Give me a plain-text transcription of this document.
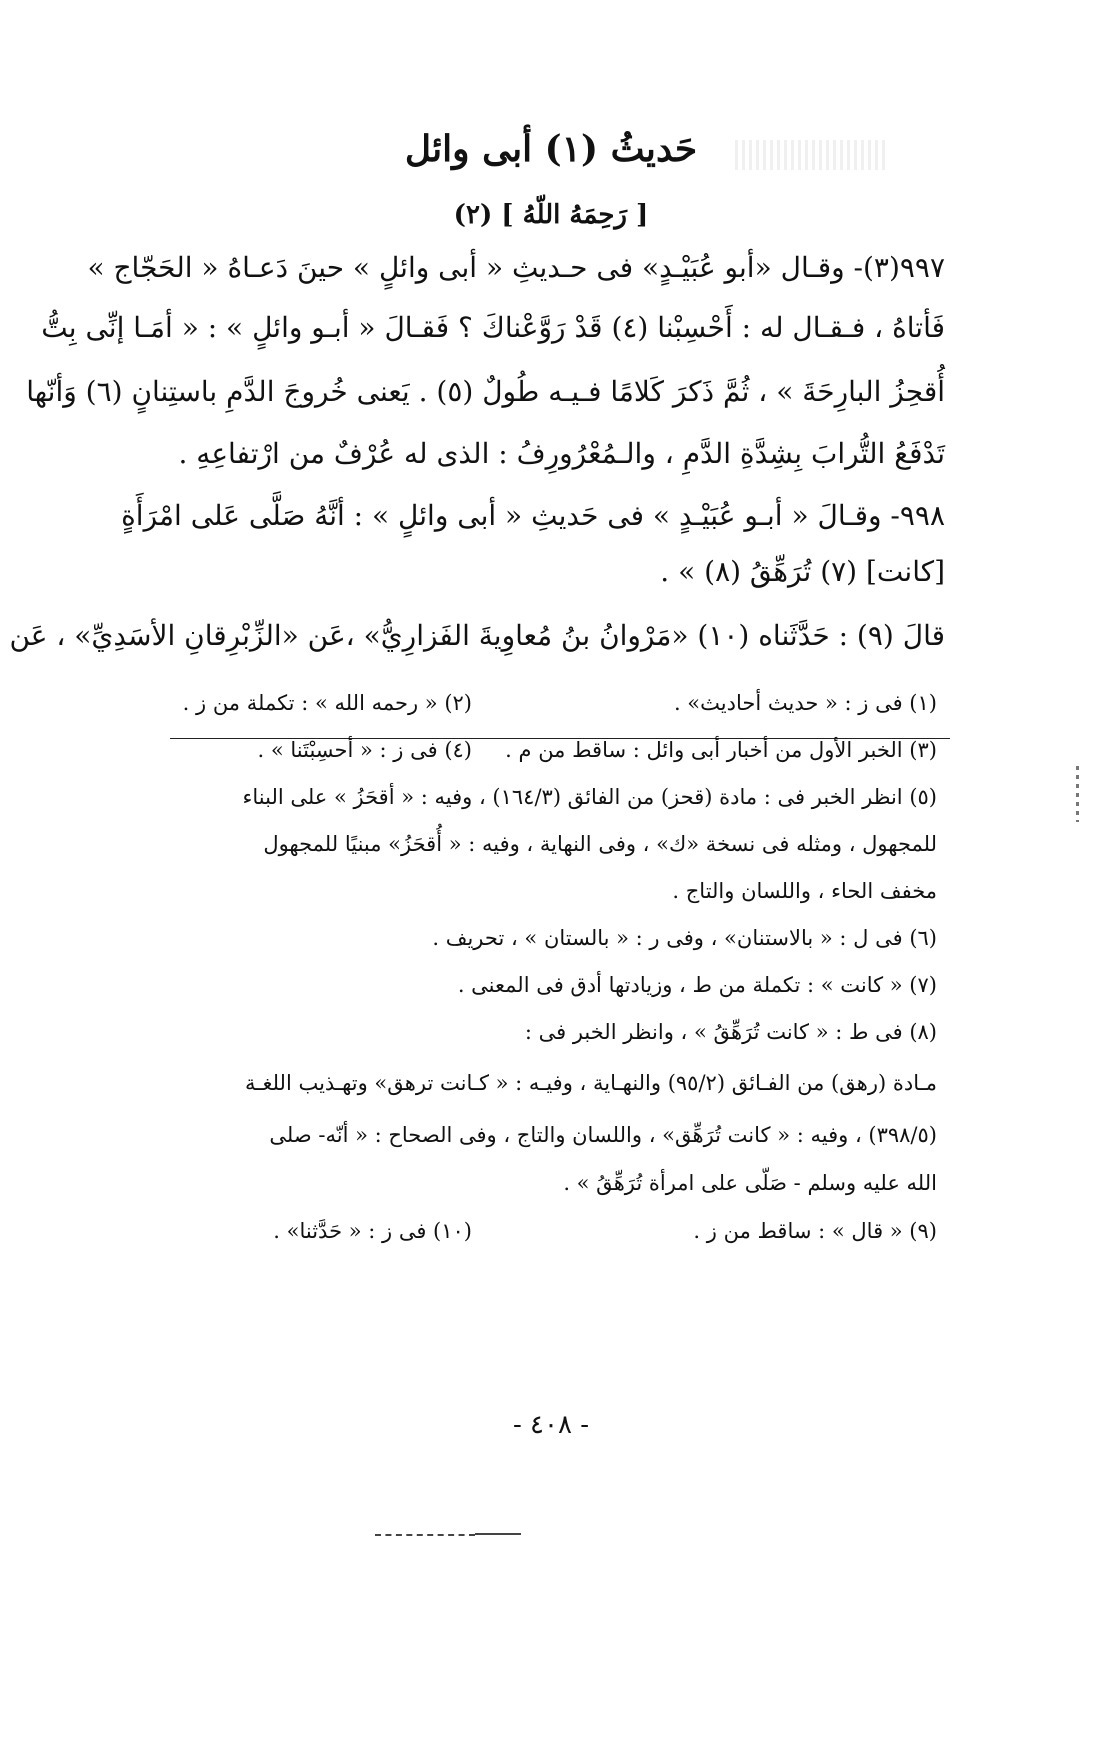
حَديثُ (١) أبى وائل
[ رَحِمَهُ اللّهُ ] (٢)
٩٩٧(٣)- وقـال «أبو عُبَيْـدٍ» فى حـديثِ « أبى وائلٍ » حينَ دَعـاهُ « الحَجّاج »
فَأتاهُ ، فـقـال له : أَحْسِبْنا (٤) قَدْ رَوَّعْناكَ ؟ فَقـالَ « أبـو وائلٍ » : « أمَـا إنِّى بِتُّ
أُقحِزُ البارِحَةَ » ، ثُمَّ ذَكرَ كَلامًا فـيـه طُولٌ (٥) . يَعنى خُروجَ الدَّمِ باستِنانٍ (٦) وَأنّها
تَدْفَعُ التُّرابَ بِشِدَّةِ الدَّمِ ، والـمُعْرُورِفُ : الذى له عُرْفٌ من ارْتفاعِهِ .
٩٩٨- وقـالَ « أبـو عُبَيْـدٍ » فى حَديثِ « أبى وائلٍ » : أنَّهُ صَلَّى عَلى امْرَأَةٍ
[كانت] (٧) تُرَهِّقُ (٨) » .
قالَ (٩) : حَدَّثَناه (١٠) «مَرْوانُ بنُ مُعاوِيةَ الفَزارِيُّ» ،عَن «الزِّبْرِقانِ الأسَدِيِّ» ، عَن
(١) فى ز : « حديث أحاديث» .
(٢) « رحمه الله » : تكملة من ز .
(٣) الخبر الأول من أخبار أبى وائل : ساقط من م .
(٤) فى ز : « أحسِبْتَنا » .
(٥) انظر الخبر فى : مادة (قحز) من الفائق (١٦٤/٣) ، وفيه : « أقحَزُ » على البناء
للمجهول ، ومثله فى نسخة «ك» ، وفى النهاية ، وفيه : « أُقحَزُ» مبنيًا للمجهول
مخفف الحاء ، واللسان والتاج .
(٦) فى ل : « بالاستنان» ، وفى ر : « بالستان » ، تحريف .
(٧) « كانت » : تكملة من ط ، وزيادتها أدق فى المعنى .
(٨) فى ط : « كانت تُرَهِّقُ » ، وانظر الخبر فى :
مـادة (رهق) من الفـائق (٩٥/٢) والنهـاية ، وفيـه : « كـانت ترهق» وتهـذيب اللغـة
(٣٩٨/٥) ، وفيه : « كانت تُرَهِّق» ، واللسان والتاج ، وفى الصحاح : « أنّه- صلى
الله عليه وسلم - صَلّى على امرأة تُرَهِّقُ » .
(٩) « قال » : ساقط من ز .
(١٠) فى ز : « حَدَّثنا» .
- ٤٠٨ -
